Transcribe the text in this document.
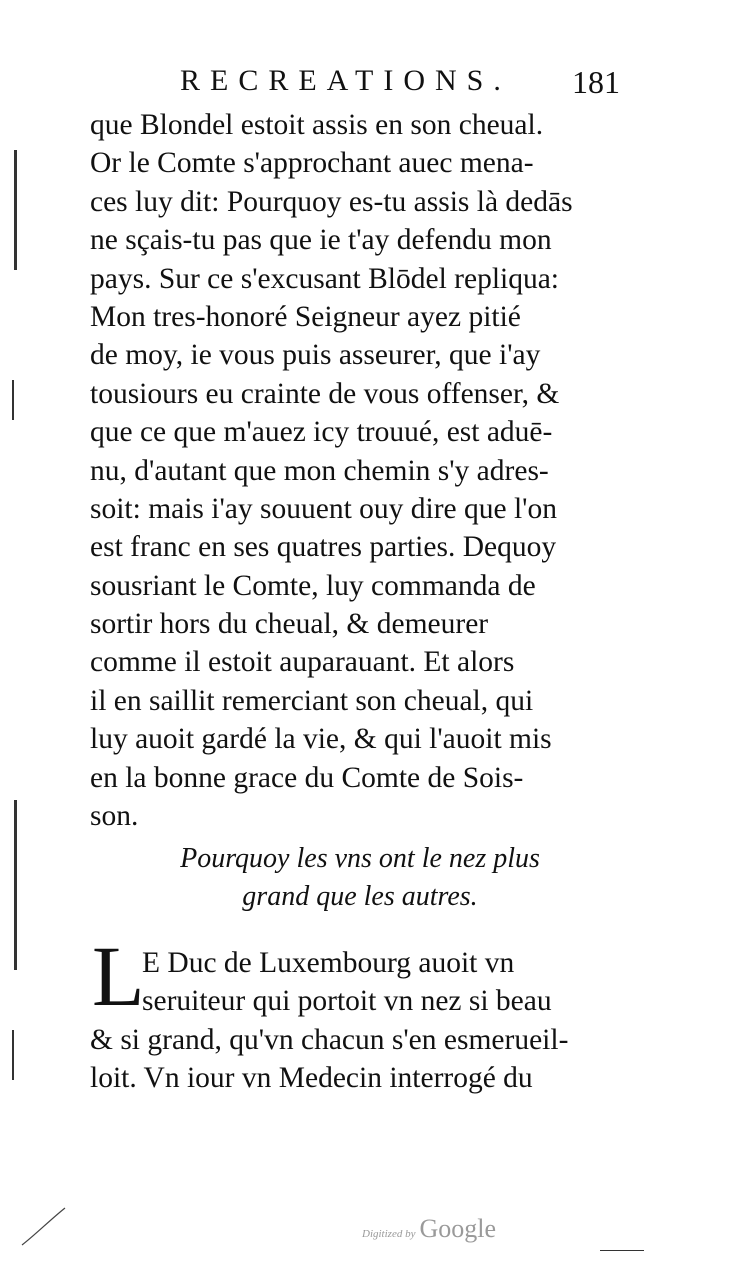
RECREATIONS. 181
que Blondel estoit assis en son cheual.
Or le Comte s'approchant auec mena-
ces luy dit: Pourquoy es-tu assis là dedās
ne sçais-tu pas que ie t'ay defendu mon
pays. Sur ce s'excusant Blōdel repliqua:
Mon tres-honoré Seigneur ayez pitié
de moy, ie vous puis asseurer, que i'ay
tousiours eu crainte de vous offenser, &
que ce que m'auez icy trouué, est aduē-
nu, d'autant que mon chemin s'y adres-
soit: mais i'ay souuent ouy dire que l'on
est franc en ses quatres parties. Dequoy
sousriant le Comte, luy commanda de
sortir hors du cheual, & demeurer
comme il estoit auparauant. Et alors
il en saillit remerciant son cheual, qui
luy auoit gardé la vie, & qui l'auoit mis
en la bonne grace du Comte de Sois-
son.
Pourquoy les vns ont le nez plus
grand que les autres.
L
E Duc de Luxembourg auoit vn
seruiteur qui portoit vn nez si beau
& si grand, qu'vn chacun s'en esmerueil-
loit. Vn iour vn Medecin interrogé du
Digitized by Google
